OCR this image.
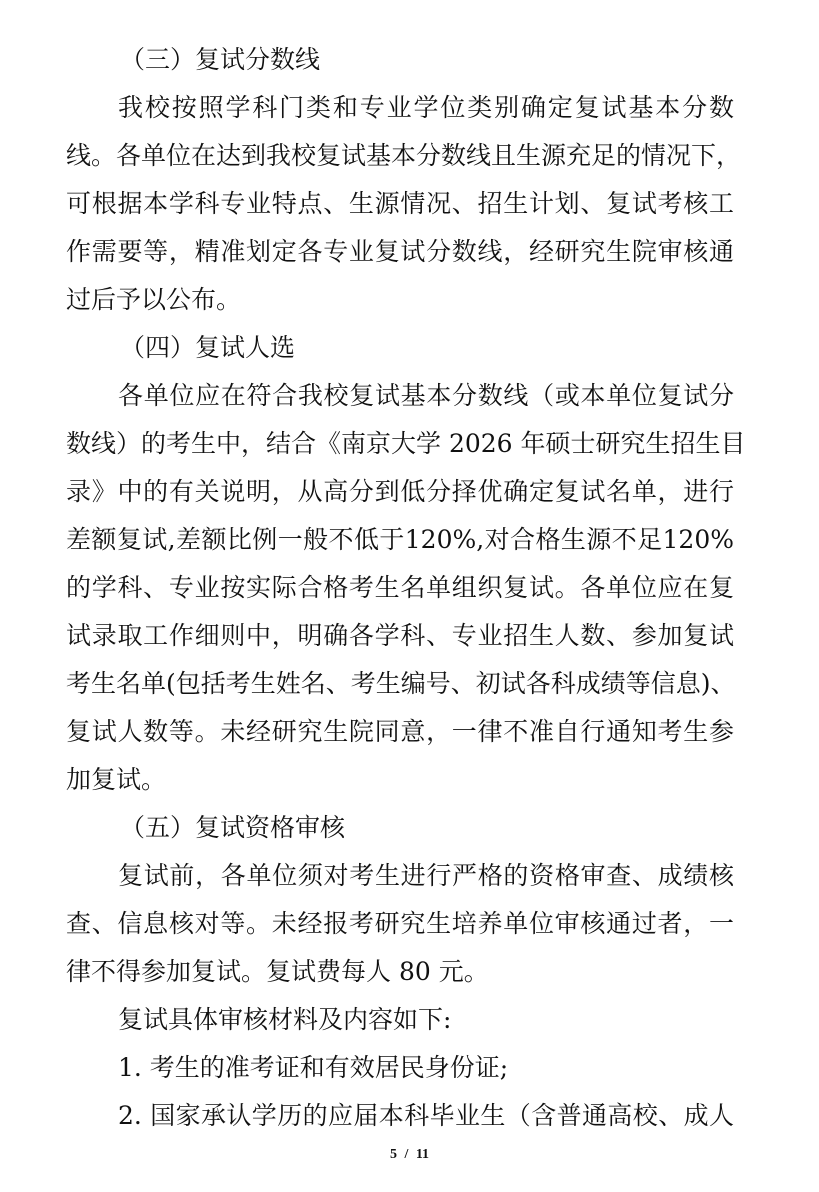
（三）复试分数线
我校按照学科门类和专业学位类别确定复试基本分数
线。各单位在达到我校复试基本分数线且生源充足的情况下，
可根据本学科专业特点、生源情况、招生计划、复试考核工
作需要等，精准划定各专业复试分数线，经研究生院审核通
过后予以公布。
（四）复试人选
各单位应在符合我校复试基本分数线（或本单位复试分
数线）的考生中，结合《南京大学 2026 年硕士研究生招生目
录》中的有关说明，从高分到低分择优确定复试名单，进行
差额复试,差额比例一般不低于120%,对合格生源不足120%
的学科、专业按实际合格考生名单组织复试。各单位应在复
试录取工作细则中，明确各学科、专业招生人数、参加复试
考生名单(包括考生姓名、考生编号、初试各科成绩等信息)、
复试人数等。未经研究生院同意，一律不准自行通知考生参
加复试。
（五）复试资格审核
复试前，各单位须对考生进行严格的资格审查、成绩核
查、信息核对等。未经报考研究生培养单位审核通过者，一
律不得参加复试。复试费每人 80 元。
复试具体审核材料及内容如下:
1. 考生的准考证和有效居民身份证;
2. 国家承认学历的应届本科毕业生（含普通高校、成人
5 / 11
